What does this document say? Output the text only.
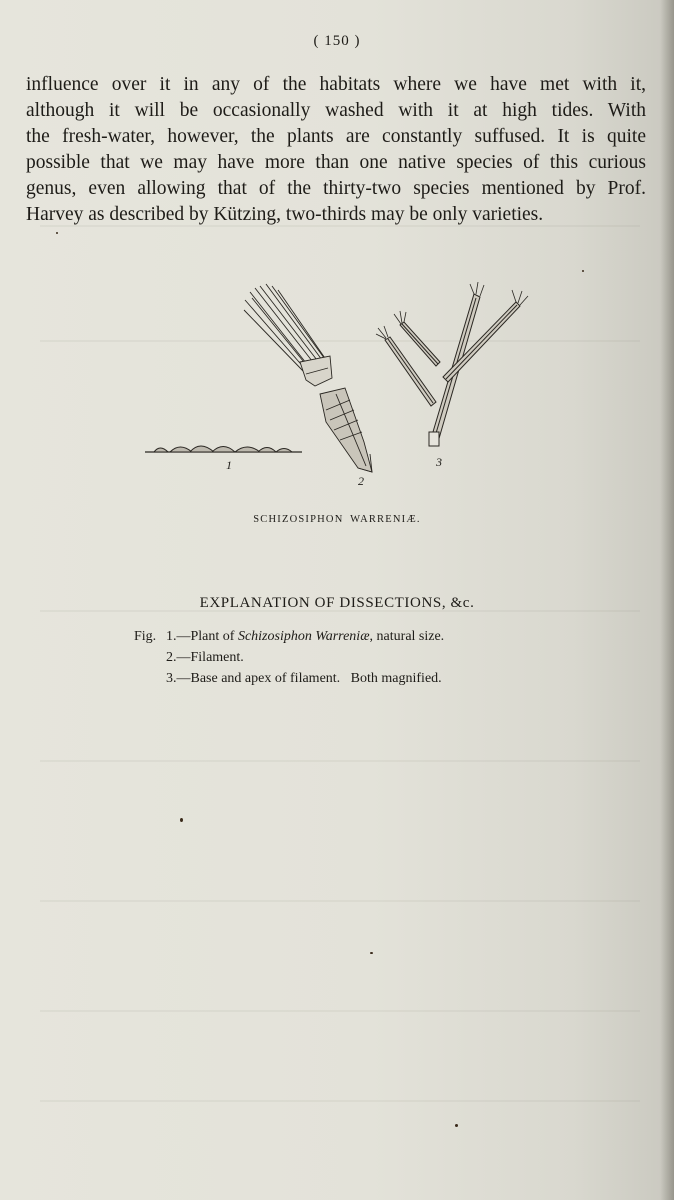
( 150 )
influence over it in any of the habitats where we have met with it,
although it will be occasionally washed with it at high tides. With
the fresh-water, however, the plants are constantly suffused. It is quite
possible that we may have more than one native species of this curious
genus, even allowing that of the thirty-two species mentioned by Prof.
Harvey as described by Kützing, two-thirds may be only varieties.
1
2
3
SCHIZOSIPHON WARRENIÆ.
EXPLANATION OF DISSECTIONS, &c.
Fig. 1.—Plant of Schizosiphon Warreniæ, natural size.
2.—Filament.
3.—Base and apex of filament.   Both magnified.
